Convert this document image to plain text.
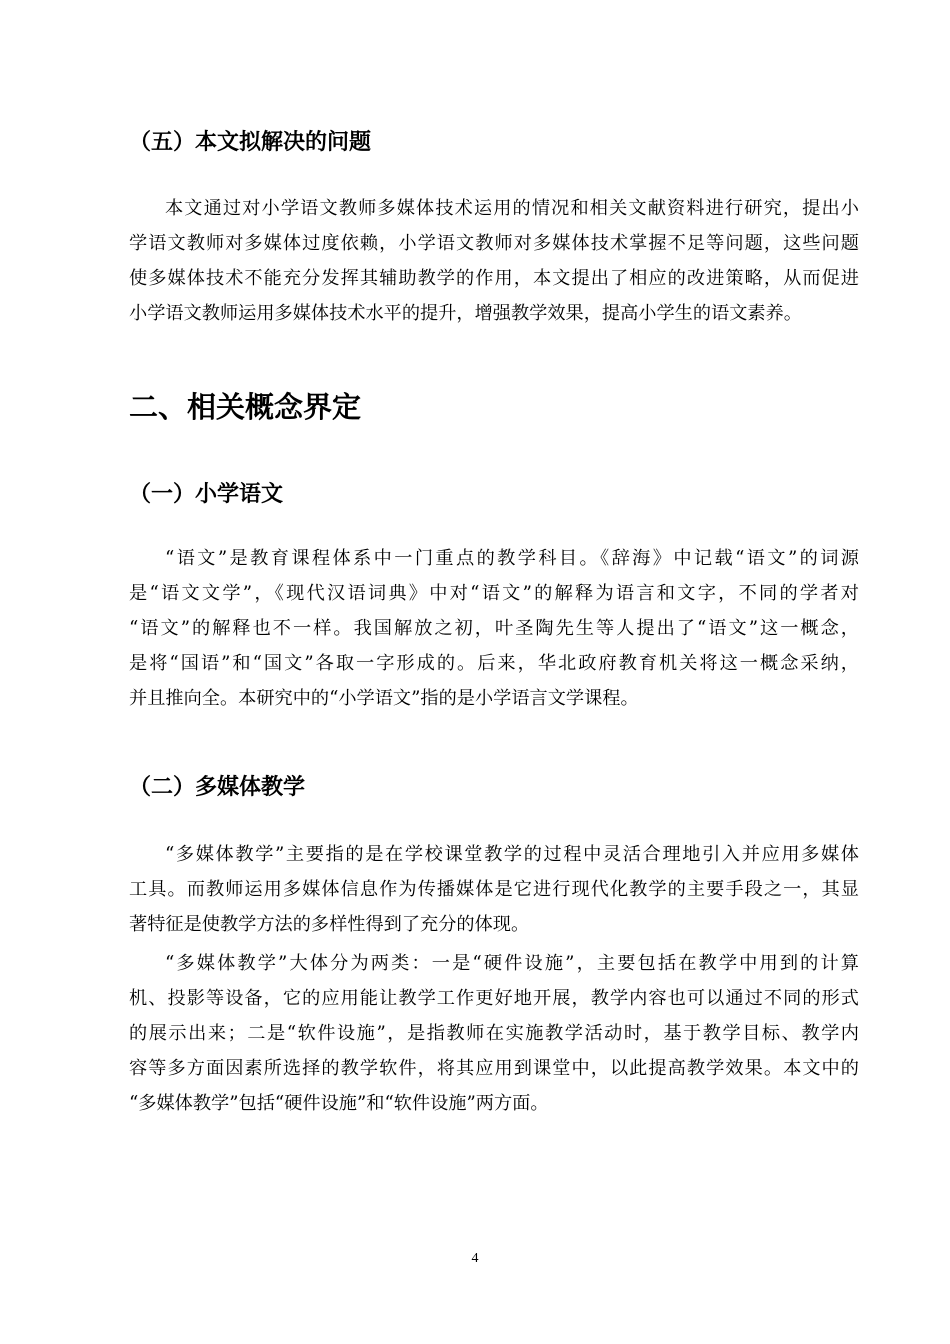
（五）本文拟解决的问题
本文通过对小学语文教师多媒体技术运用的情况和相关文献资料进行研究，提出小
学语文教师对多媒体过度依赖，小学语文教师对多媒体技术掌握不足等问题，这些问题
使多媒体技术不能充分发挥其辅助教学的作用，本文提出了相应的改进策略，从而促进
小学语文教师运用多媒体技术水平的提升，增强教学效果，提高小学生的语文素养。
二、相关概念界定
（一）小学语文
“语文”是教育课程体系中一门重点的教学科目。《辞海》中记载“语文”的词源
是“语文文学”，《现代汉语词典》中对“语文”的解释为语言和文字，不同的学者对
“语文”的解释也不一样。我国解放之初，叶圣陶先生等人提出了“语文”这一概念，
是将“国语”和“国文”各取一字形成的。后来，华北政府教育机关将这一概念采纳，
并且推向全。本研究中的“小学语文”指的是小学语言文学课程。
（二）多媒体教学
“多媒体教学”主要指的是在学校课堂教学的过程中灵活合理地引入并应用多媒体
工具。而教师运用多媒体信息作为传播媒体是它进行现代化教学的主要手段之一，其显
著特征是使教学方法的多样性得到了充分的体现。
“多媒体教学”大体分为两类：一是“硬件设施”，主要包括在教学中用到的计算
机、投影等设备，它的应用能让教学工作更好地开展，教学内容也可以通过不同的形式
的展示出来；二是“软件设施”，是指教师在实施教学活动时，基于教学目标、教学内
容等多方面因素所选择的教学软件，将其应用到课堂中，以此提高教学效果。本文中的
“多媒体教学”包括“硬件设施”和“软件设施”两方面。
4
